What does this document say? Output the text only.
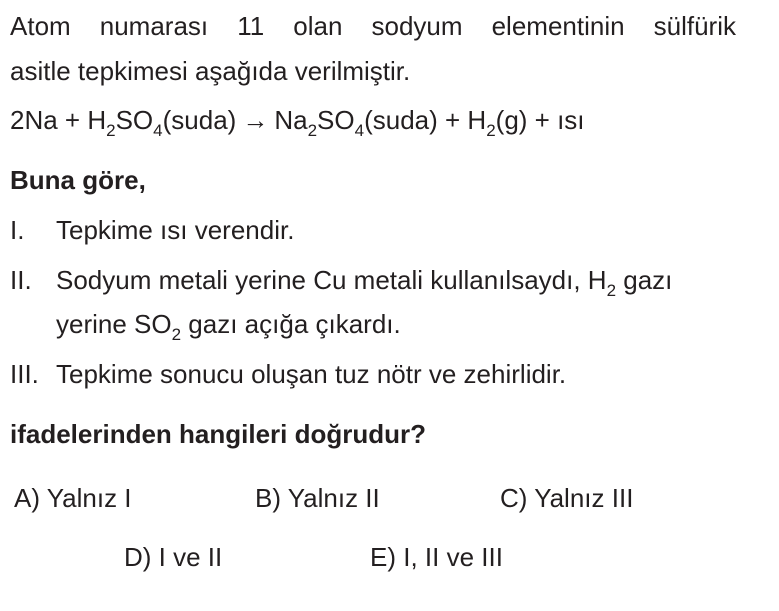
Atom numarası 11 olan sodyum elementinin sülfürik
asitle tepkimesi aşağıda verilmiştir.
$2Na + H_2SO_4(suda)$ → $Na_2SO_4(suda) + H_2(g)$ + ısı
Buna göre,
I. Tepkime ısı verendir.
II. Sodyum metali yerine Cu metali kullanılsaydı, $H_2$ gazı
yerine $SO_2$ gazı açığa çıkardı.
III. Tepkime sonucu oluşan tuz nötr ve zehirlidir.
ifadelerinden hangileri doğrudur?
A) Yalnız I	B) Yalnız II	C) Yalnız III
D) I ve II	E) I, II ve III
